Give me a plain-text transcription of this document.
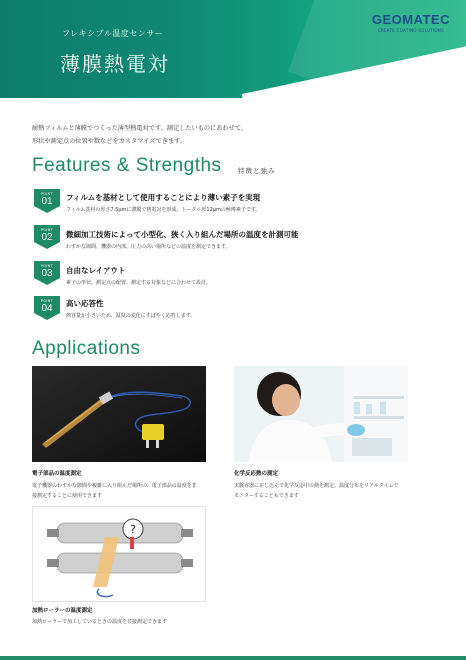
フレキシブル温度センサー
薄膜熱電対
GEOMATEC
CREATE COATING SOLUTIONS
耐熱フィルムと薄膜でつくった薄型熱電対です。測定したいものにあわせて、
形状や測定点の位置や数などをカスタマイズできます。
Features & Strengths	特徴と強み
POINT
01	フィルムを基材として使用することにより薄い素子を実現
フィルム基材の厚さ7.5μmに薄膜で熱電対を形成。トータル厚12μmの極薄素子です。
POINT
02	微細加工技術によって小型化、狭く入り組んだ場所の温度を計測可能
わずかな隙間、機器の内部、圧力の高い場所などの温度を測定できます。
POINT
03	自由なレイアウト
素子の形状、測定点の配置、測定する対象などに合わせて設計。
POINT
04	高い応答性
熱容量が小さいため、温度の変化にすばやく応答します。
Applications
電子部品の温度測定
電子機器のわずかな隙間や複雑に入り組んだ場所の、電子部品の温度を非
接測定することに使用できます
化学反応熱の測定
実験容器に差し込んで化学反応中の熱を測定。温度分布をリアルタイムで
モニターすることもできます
?
加熱ローラーの温度測定
加熱ローラーで加工しているときの温度を非接測定できます
